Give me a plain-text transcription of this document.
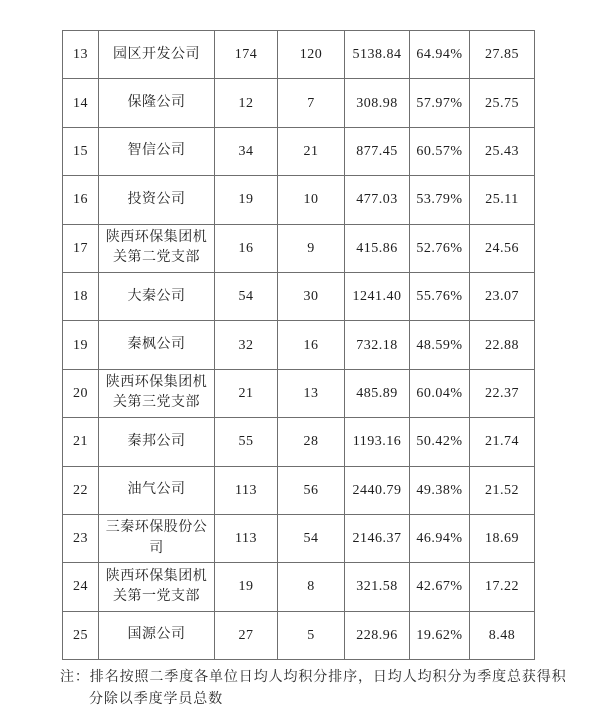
13	园区开发公司	174	120	5138.84	64.94%	27.85
14	保隆公司	12	7	308.98	57.97%	25.75
15	智信公司	34	21	877.45	60.57%	25.43
16	投资公司	19	10	477.03	53.79%	25.11
17	陕西环保集团机关第二党支部	16	9	415.86	52.76%	24.56
18	大秦公司	54	30	1241.40	55.76%	23.07
19	秦枫公司	32	16	732.18	48.59%	22.88
20	陕西环保集团机关第三党支部	21	13	485.89	60.04%	22.37
21	秦邦公司	55	28	1193.16	50.42%	21.74
22	油气公司	113	56	2440.79	49.38%	21.52
23	三秦环保股份公司	113	54	2146.37	46.94%	18.69
24	陕西环保集团机关第一党支部	19	8	321.58	42.67%	17.22
25	国源公司	27	5	228.96	19.62%	8.48
注：排名按照二季度各单位日均人均积分排序，日均人均积分为季度总获得积分除以季度学员总数
